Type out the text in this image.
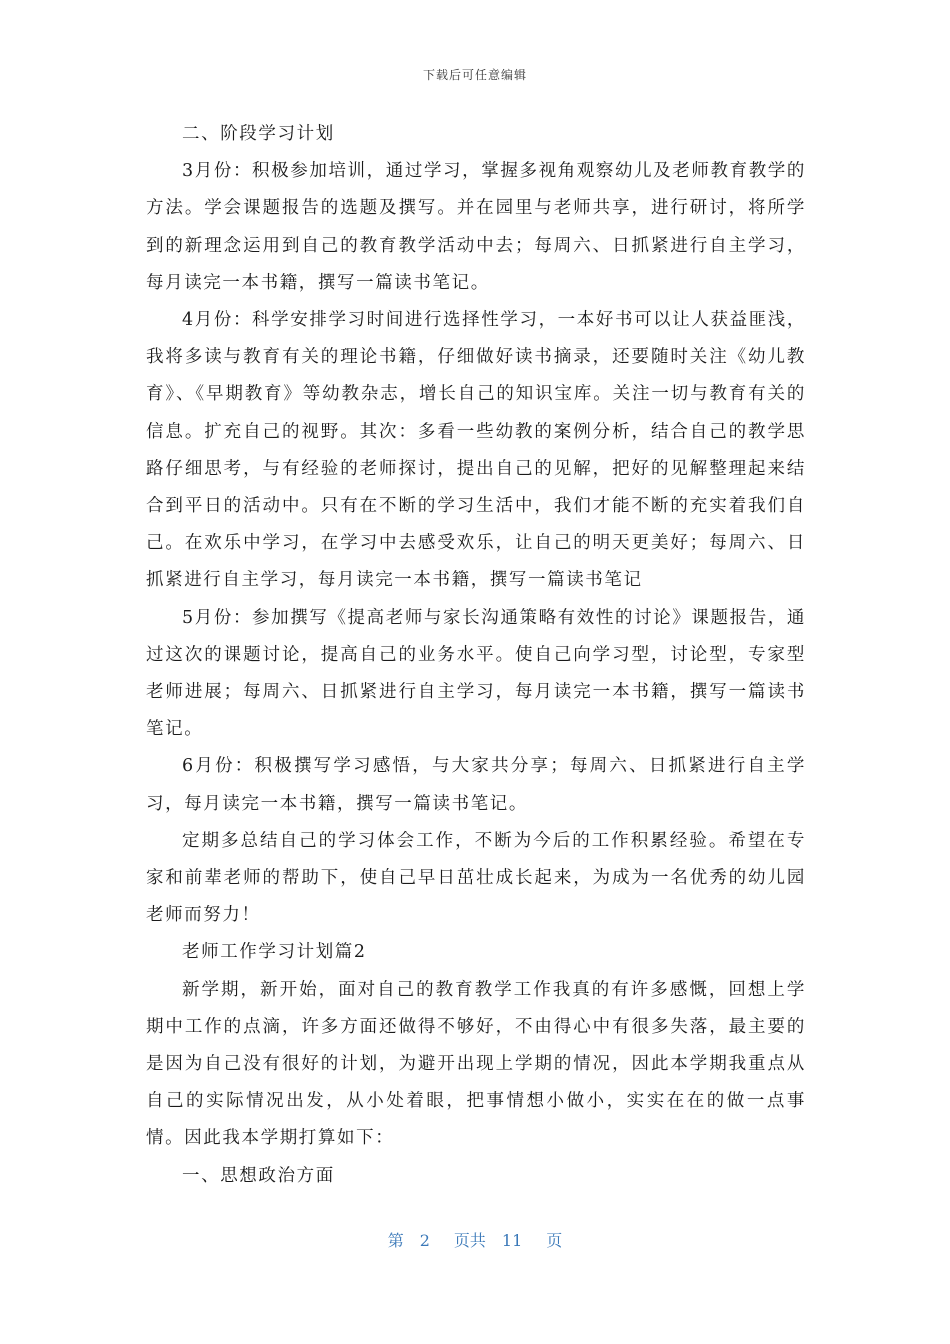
下载后可任意编辑

二、阶段学习计划

3月份：积极参加培训，通过学习，掌握多视角观察幼儿及老师教育教学的方法。学会课题报告的选题及撰写。并在园里与老师共享，进行研讨，将所学到的新理念运用到自己的教育教学活动中去；每周六、日抓紧进行自主学习，每月读完一本书籍，撰写一篇读书笔记。

4月份：科学安排学习时间进行选择性学习，一本好书可以让人获益匪浅，我将多读与教育有关的理论书籍，仔细做好读书摘录，还要随时关注《幼儿教育》、《早期教育》等幼教杂志，增长自己的知识宝库。关注一切与教育有关的信息。扩充自己的视野。其次：多看一些幼教的案例分析，结合自己的教学思路仔细思考，与有经验的老师探讨，提出自己的见解，把好的见解整理起来结合到平日的活动中。只有在不断的学习生活中，我们才能不断的充实着我们自己。在欢乐中学习，在学习中去感受欢乐，让自己的明天更美好；每周六、日抓紧进行自主学习，每月读完一本书籍，撰写一篇读书笔记

5月份：参加撰写《提高老师与家长沟通策略有效性的讨论》课题报告，通过这次的课题讨论，提高自己的业务水平。使自己向学习型，讨论型，专家型老师进展；每周六、日抓紧进行自主学习，每月读完一本书籍，撰写一篇读书笔记。

6月份：积极撰写学习感悟，与大家共分享；每周六、日抓紧进行自主学习，每月读完一本书籍，撰写一篇读书笔记。

定期多总结自己的学习体会工作，不断为今后的工作积累经验。希望在专家和前辈老师的帮助下，使自己早日茁壮成长起来，为成为一名优秀的幼儿园老师而努力！

老师工作学习计划篇2

新学期，新开始，面对自己的教育教学工作我真的有许多感慨，回想上学期中工作的点滴，许多方面还做得不够好，不由得心中有很多失落，最主要的是因为自己没有很好的计划，为避开出现上学期的情况，因此本学期我重点从自己的实际情况出发，从小处着眼，把事情想小做小，实实在在的做一点事情。因此我本学期打算如下：

一、思想政治方面

第 2 页共 11 页
